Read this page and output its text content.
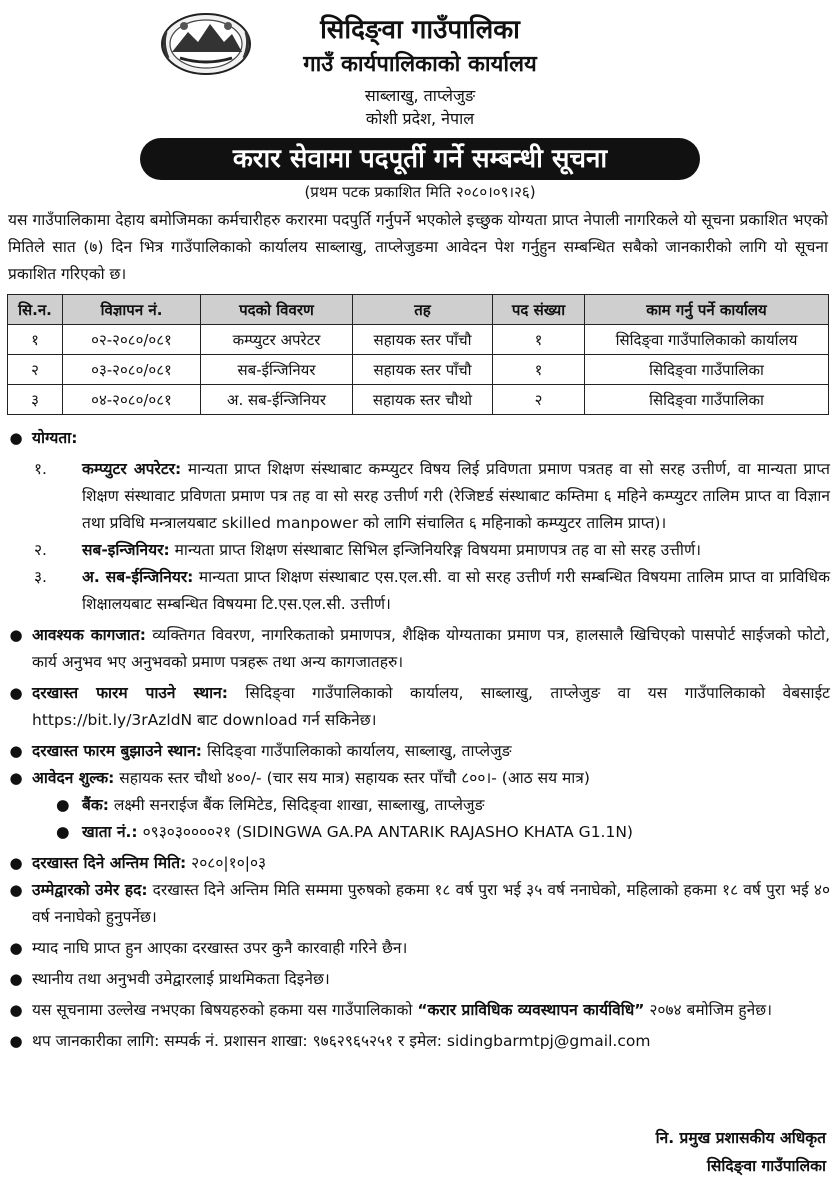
सिदिङ्वा गाउँपालिका
गाउँ कार्यपालिकाको कार्यालय
साब्लाखु, ताप्लेजुङ
कोशी प्रदेश, नेपाल
करार सेवामा पदपूर्ती गर्ने सम्बन्धी सूचना
(प्रथम पटक प्रकाशित मिति २०८०।०९।२६)
यस गाउँपालिकामा देहाय बमोजिमका कर्मचारीहरु करारमा पदपुर्ति गर्नुपर्ने भएकोले इच्छुक योग्यता प्राप्त नेपाली नागरिकले यो सूचना प्रकाशित भएको मितिले सात (७) दिन भित्र गाउँपालिकाको कार्यालय साब्लाखु, ताप्लेजुङमा आवेदन पेश गर्नुहुन सम्बन्धित सबैको जानकारीको लागि यो सूचना प्रकाशित गरिएको छ।
सि.न.	विज्ञापन नं.	पदको विवरण	तह	पद संख्या	काम गर्नु पर्ने कार्यालय
१	०२-२०८०/०८१	कम्प्युटर अपरेटर	सहायक स्तर पाँचौ	१	सिदिङ्वा गाउँपालिकाको कार्यालय
२	०३-२०८०/०८१	सब-ईन्जिनियर	सहायक स्तर पाँचौ	१	सिदिङ्वा गाउँपालिका
३	०४-२०८०/०८१	अ. सब-ईन्जिनियर	सहायक स्तर चौथो	२	सिदिङ्वा गाउँपालिका
● योग्यता:
१. कम्प्युटर अपरेटर: मान्यता प्राप्त शिक्षण संस्थाबाट कम्प्युटर विषय लिई प्रविणता प्रमाण पत्रतह वा सो सरह उत्तीर्ण, वा मान्यता प्राप्त शिक्षण संस्थावाट प्रविणता प्रमाण पत्र तह वा सो सरह उत्तीर्ण गरी (रेजिष्टर्ड संस्थाबाट कम्तिमा ६ महिने कम्प्युटर तालिम प्राप्त वा विज्ञान तथा प्रविधि मन्त्रालयबाट skilled manpower को लागि संचालित ६ महिनाको कम्प्युटर तालिम प्राप्त)।
२. सब-इन्जिनियर: मान्यता प्राप्त शिक्षण संस्थाबाट सिभिल इन्जिनियरिङ्ग विषयमा प्रमाणपत्र तह वा सो सरह उत्तीर्ण।
३. अ. सब-ईन्जिनियर: मान्यता प्राप्त शिक्षण संस्थाबाट एस.एल.सी. वा सो सरह उत्तीर्ण गरी सम्बन्धित विषयमा तालिम प्राप्त वा प्राविधिक शिक्षालयबाट सम्बन्धित विषयमा टि.एस.एल.सी. उत्तीर्ण।
● आवश्यक कागजात: व्यक्तिगत विवरण, नागरिकताको प्रमाणपत्र, शैक्षिक योग्यताका प्रमाण पत्र, हालसालै खिचिएको पासपोर्ट साईजको फोटो, कार्य अनुभव भए अनुभवको प्रमाण पत्रहरू तथा अन्य कागजातहरु।
● दरखास्त फारम पाउने स्थान: सिदिङ्वा गाउँपालिकाको कार्यालय, साब्लाखु, ताप्लेजुङ वा यस गाउँपालिकाको वेबसाईट https://bit.ly/3rAzldN बाट download गर्न सकिनेछ।
● दरखास्त फारम बुझाउने स्थान: सिदिङ्वा गाउँपालिकाको कार्यालय, साब्लाखु, ताप्लेजुङ
● आवेदन शुल्क: सहायक स्तर चौथो ४००/- (चार सय मात्र) सहायक स्तर पाँचौ ८००।- (आठ सय मात्र)
● बैंक: लक्ष्मी सनराईज बैंक लिमिटेड, सिदिङ्वा शाखा, साब्लाखु, ताप्लेजुङ
● खाता नं.: ०९३०३००००२१ (SIDINGWA GA.PA ANTARIK RAJASHO KHATA G1.1N)
● दरखास्त दिने अन्तिम मिति: २०८०|१०|०३
● उम्मेद्वारको उमेर हद: दरखास्त दिने अन्तिम मिति सम्ममा पुरुषको हकमा १८ वर्ष पुरा भई ३५ वर्ष ननाघेको, महिलाको हकमा १८ वर्ष पुरा भई ४० वर्ष ननाघेको हुनुपर्नेछ।
● म्याद नाघि प्राप्त हुन आएका दरखास्त उपर कुनै कारवाही गरिने छैन।
● स्थानीय तथा अनुभवी उमेद्वारलाई प्राथमिकता दिइनेछ।
● यस सूचनामा उल्लेख नभएका बिषयहरुको हकमा यस गाउँपालिकाको “करार प्राविधिक व्यवस्थापन कार्यविधि” २०७४ बमोजिम हुनेछ।
● थप जानकारीका लागि: सम्पर्क नं. प्रशासन शाखा: ९७६२९६५२५१ र इमेल: sidingbarmtpj@gmail.com
नि. प्रमुख प्रशासकीय अधिकृत
सिदिङ्वा गाउँपालिका
